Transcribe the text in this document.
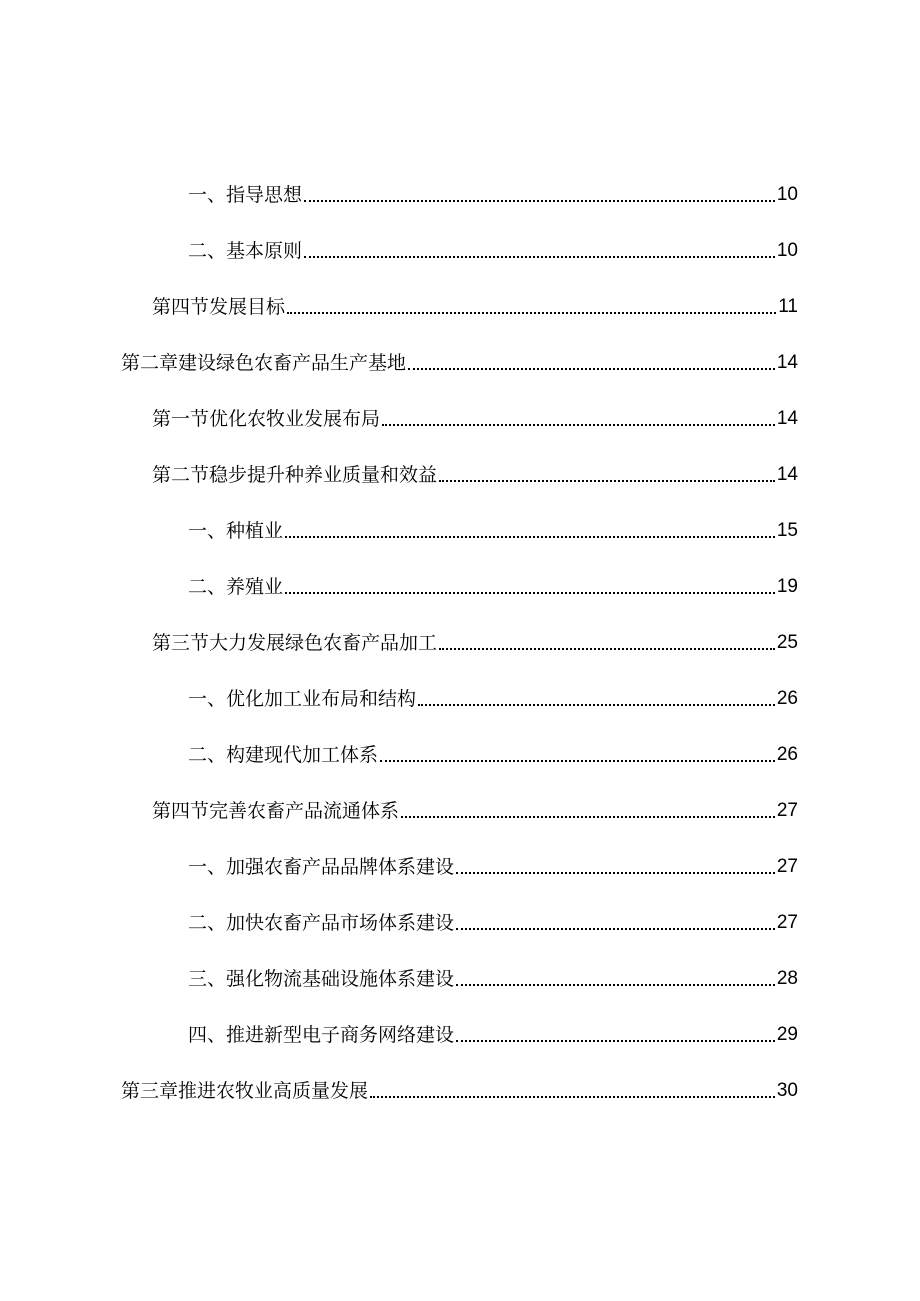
一、指导思想	10
二、基本原则	10
第四节发展目标	11
第二章建设绿色农畜产品生产基地	14
第一节优化农牧业发展布局	14
第二节稳步提升种养业质量和效益	14
一、种植业	15
二、养殖业	19
第三节大力发展绿色农畜产品加工	25
一、优化加工业布局和结构	26
二、构建现代加工体系	26
第四节完善农畜产品流通体系	27
一、加强农畜产品品牌体系建设	27
二、加快农畜产品市场体系建设	27
三、强化物流基础设施体系建设	28
四、推进新型电子商务网络建设	29
第三章推进农牧业高质量发展	30
